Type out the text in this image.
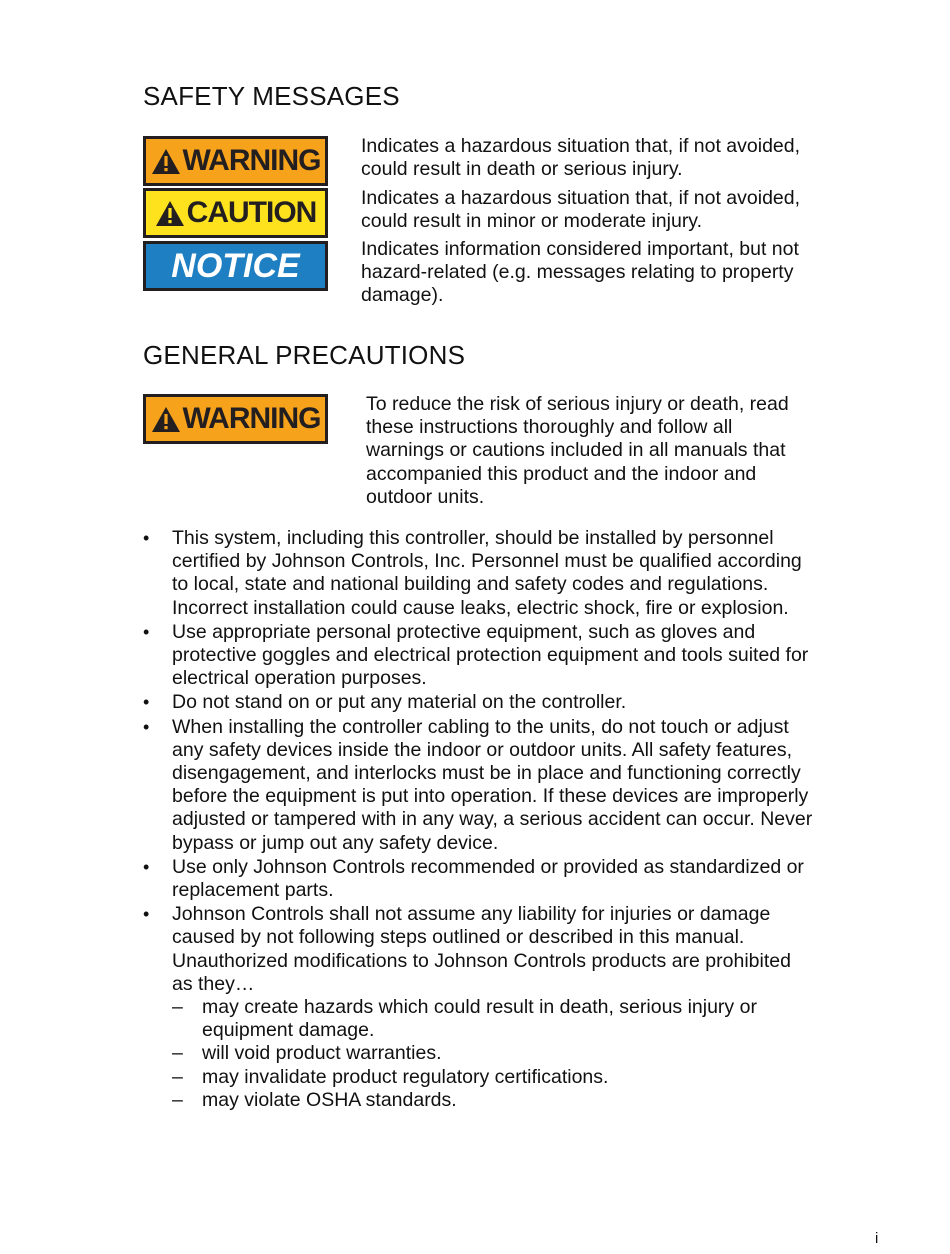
SAFETY MESSAGES
WARNING Indicates a hazardous situation that, if not avoided, could result in death or serious injury.

CAUTION Indicates a hazardous situation that, if not avoided, could result in minor or moderate injury.

NOTICE	Indicates information considered important, but not hazard-related (e.g. messages relating to property damage).

GENERAL PRECAUTIONS
WARNING To reduce the risk of serious injury or death, read these instructions thoroughly and follow all warnings or cautions included in all manuals that accompanied this product and the indoor and outdoor units.

• This system, including this controller, should be installed by personnel certified by Johnson Controls, Inc. Personnel must be qualified according to local, state and national building and safety codes and regulations. Incorrect installation could cause leaks, electric shock, fire or explosion.
• Use appropriate personal protective equipment, such as gloves and protective goggles and electrical protection equipment and tools suited for electrical operation purposes.
• Do not stand on or put any material on the controller.
• When installing the controller cabling to the units, do not touch or adjust any safety devices inside the indoor or outdoor units. All safety features, disengagement, and interlocks must be in place and functioning correctly before the equipment is put into operation. If these devices are improperly adjusted or tampered with in any way, a serious accident can occur. Never bypass or jump out any safety device.
• Use only Johnson Controls recommended or provided as standardized or replacement parts.
• Johnson Controls shall not assume any liability for injuries or damage caused by not following steps outlined or described in this manual. Unauthorized modifications to Johnson Controls products are prohibited as they…
– may create hazards which could result in death, serious injury or equipment damage.
– will void product warranties.
– may invalidate product regulatory certifications.
– may violate OSHA standards.
i
